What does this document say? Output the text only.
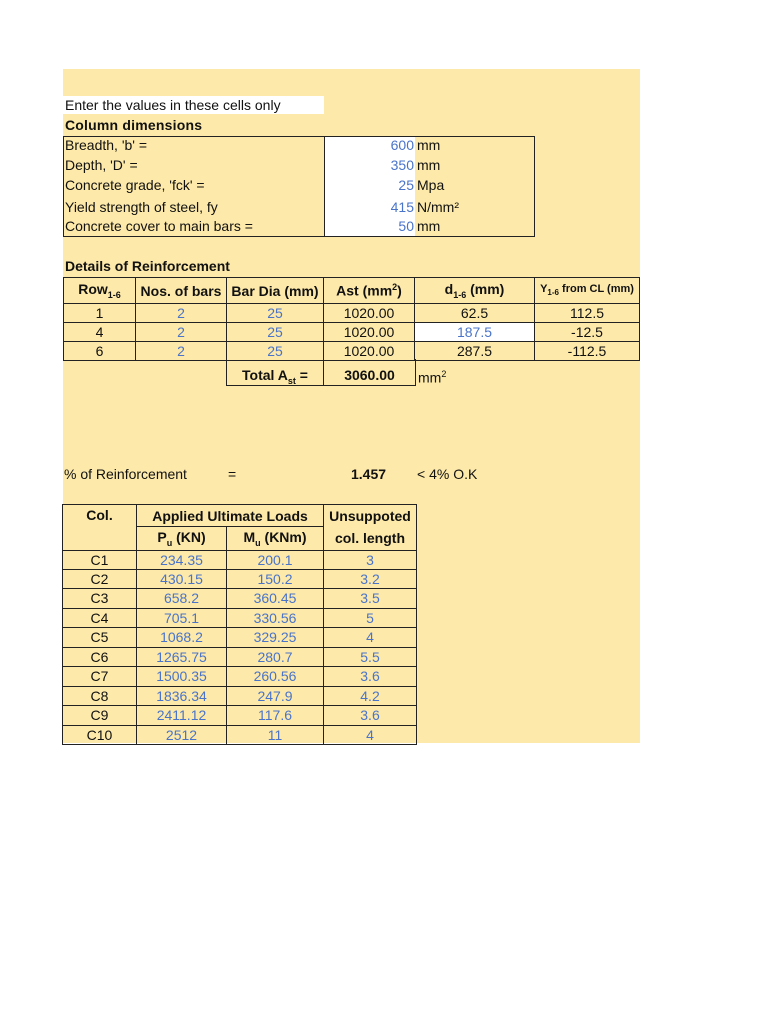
Enter the values in these cells only
Column dimensions
Breadth, 'b' =	600 mm
Depth, 'D' =	350 mm
Concrete grade, 'fck' =	25 Mpa
Yield strength of steel, fy	415 N/mm²
Concrete cover to main bars =	50 mm
Details of Reinforcement
Row$_{1-6}$	Nos. of bars	Bar Dia (mm)	Ast $(mm^2)$	$d_{1-6}$ (mm)	$Y_{1-6}$ from CL (mm)
1	2	25	1020.00	62.5	112.5
4	2	25	1020.00	187.5	-12.5
6	2	25	1020.00	287.5	-112.5
Total $A_{st}$ =	3060.00	$mm^2$
% of Reinforcement	=	1.457 < 4% O.K
Col.	Applied Ultimate Loads		Unsuppoted
	$P_u$ (KN)	$M_u$ (KNm)	col. length
C1	234.35	200.1	3
C2	430.15	150.2	3.2
C3	658.2	360.45	3.5
C4	705.1	330.56	5
C5	1068.2	329.25	4
C6	1265.75	280.7	5.5
C7	1500.35	260.56	3.6
C8	1836.34	247.9	4.2
C9	2411.12	117.6	3.6
C10	2512	11	4
